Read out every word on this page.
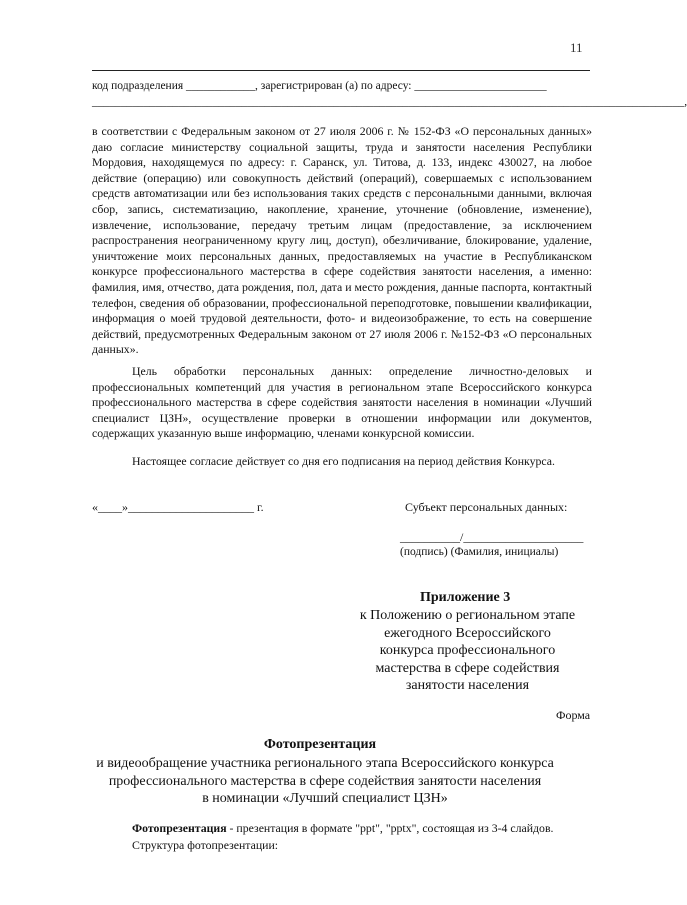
11
код подразделения ____________, зарегистрирован (а) по адресу: _______________________
_______________________________________________________________________________________________________,
в соответствии с Федеральным законом от 27 июля 2006 г. № 152-ФЗ «О персональных данных» даю согласие министерству социальной защиты, труда и занятости населения Республики Мордовия, находящемуся по адресу: г. Саранск, ул. Титова, д. 133, индекс 430027, на любое действие (операцию) или совокупность действий (операций), совершаемых с использованием средств автоматизации или без использования таких средств с персональными данными, включая сбор, запись, систематизацию, накопление, хранение, уточнение (обновление, изменение), извлечение, использование, передачу третьим лицам (предоставление, за исключением распространения неограниченному кругу лиц, доступ), обезличивание, блокирование, удаление, уничтожение моих персональных данных, предоставляемых на участие в Республиканском конкурсе профессионального мастерства в сфере содействия занятости населения, а именно: фамилия, имя, отчество, дата рождения, пол, дата и место рождения, данные паспорта, контактный телефон, сведения об образовании, профессиональной переподготовке, повышении квалификации, информация о моей трудовой деятельности, фото- и видеоизображение, то есть на совершение действий, предусмотренных Федеральным законом от 27 июля 2006 г. №152-ФЗ «О персональных данных».
Цель обработки персональных данных: определение личностно-деловых и профессиональных компетенций для участия в региональном этапе Всероссийского конкурса профессионального мастерства в сфере содействия занятости населения в номинации «Лучший специалист ЦЗН», осуществление проверки в отношении информации или документов, содержащих указанную выше информацию, членами конкурсной комиссии.
Настоящее согласие действует со дня его подписания на период действия Конкурса.
«____»_____________________ г.	Субъект персональных данных:
__________/____________________
(подпись) (Фамилия, инициалы)
Приложение 3
к Положению о региональном этапе
ежегодного Всероссийского
конкурса профессионального
мастерства в сфере содействия
занятости населения
Форма
Фотопрезентация
и видеообращение участника регионального этапа Всероссийского конкурса
профессионального мастерства в сфере содействия занятости населения
в номинации «Лучший специалист ЦЗН»
Фотопрезентация - презентация в формате "ppt", "pptx", состоящая из 3-4 слайдов.
Структура фотопрезентации:
